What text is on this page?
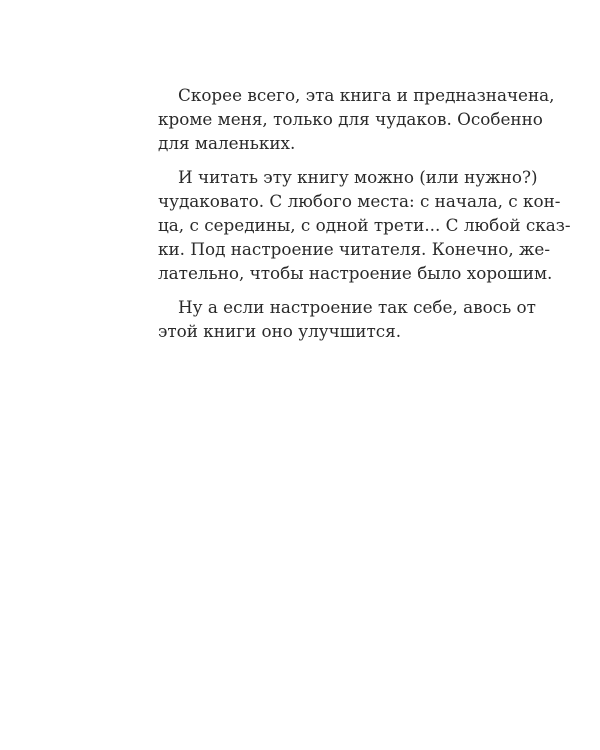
Скорее всего, эта книга и предназначена,
кроме меня, только для чудаков. Особенно
для маленьких.

И читать эту книгу можно (или нужно?)
чудаковато. С любого места: с начала, с кон-
ца, с середины, с одной трети... С любой сказ-
ки. Под настроение читателя. Конечно, же-
лательно, чтобы настроение было хорошим.

Ну а если настроение так себе, авось от
этой книги оно улучшится.
